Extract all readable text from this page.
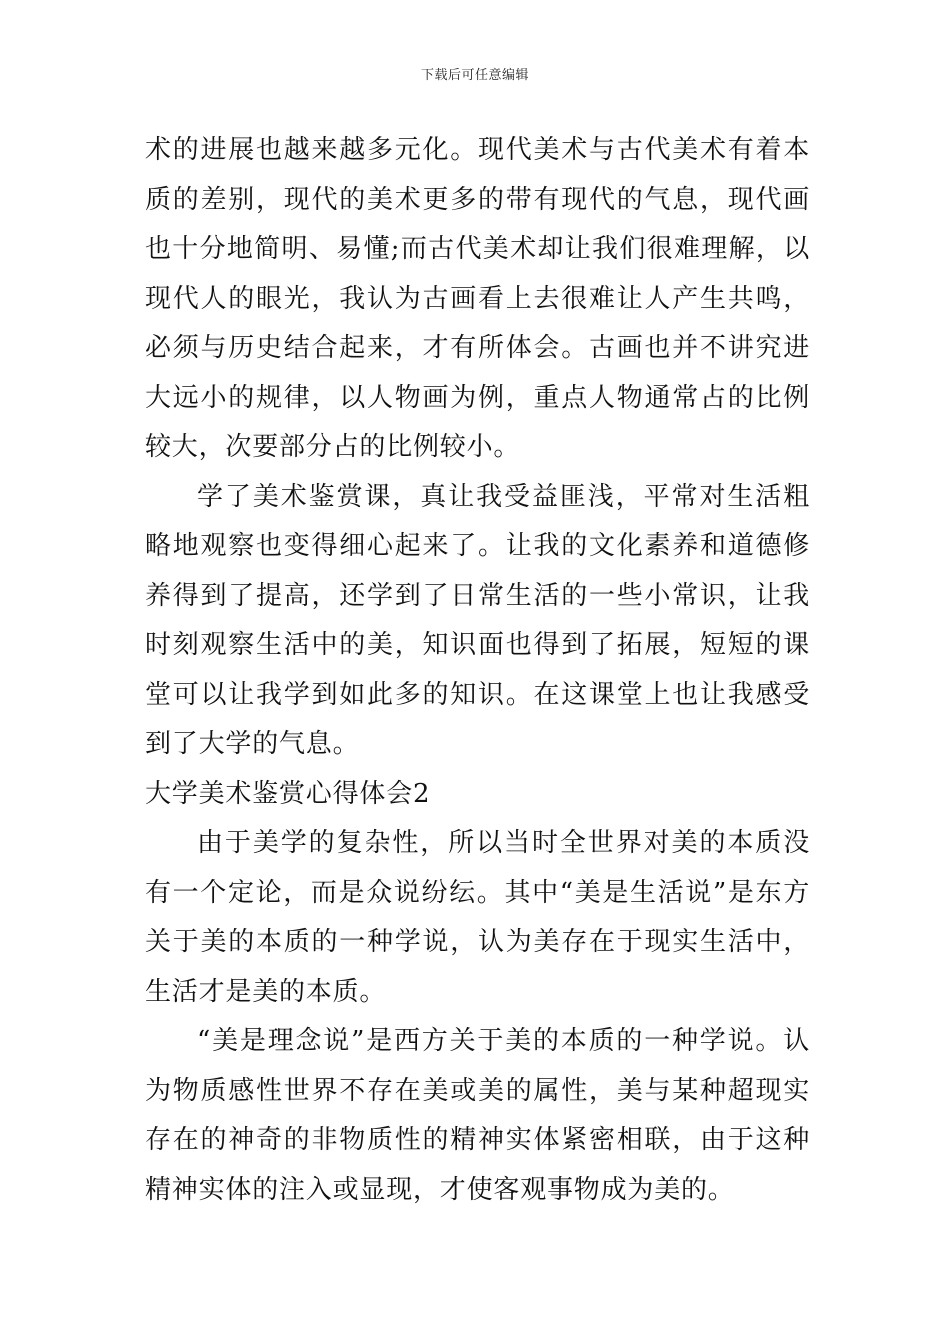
下载后可任意编辑

术的进展也越来越多元化。现代美术与古代美术有着本质的差别，现代的美术更多的带有现代的气息，现代画也十分地简明、易懂;而古代美术却让我们很难理解，以现代人的眼光，我认为古画看上去很难让人产生共鸣，必须与历史结合起来，才有所体会。古画也并不讲究进大远小的规律，以人物画为例，重点人物通常占的比例较大，次要部分占的比例较小。

学了美术鉴赏课，真让我受益匪浅，平常对生活粗略地观察也变得细心起来了。让我的文化素养和道德修养得到了提高，还学到了日常生活的一些小常识，让我时刻观察生活中的美，知识面也得到了拓展，短短的课堂可以让我学到如此多的知识。在这课堂上也让我感受到了大学的气息。

大学美术鉴赏心得体会2

由于美学的复杂性，所以当时全世界对美的本质没有一个定论，而是众说纷纭。其中“美是生活说”是东方关于美的本质的一种学说，认为美存在于现实生活中，生活才是美的本质。

“美是理念说”是西方关于美的本质的一种学说。认为物质感性世界不存在美或美的属性，美与某种超现实存在的神奇的非物质性的精神实体紧密相联，由于这种精神实体的注入或显现，才使客观事物成为美的。
